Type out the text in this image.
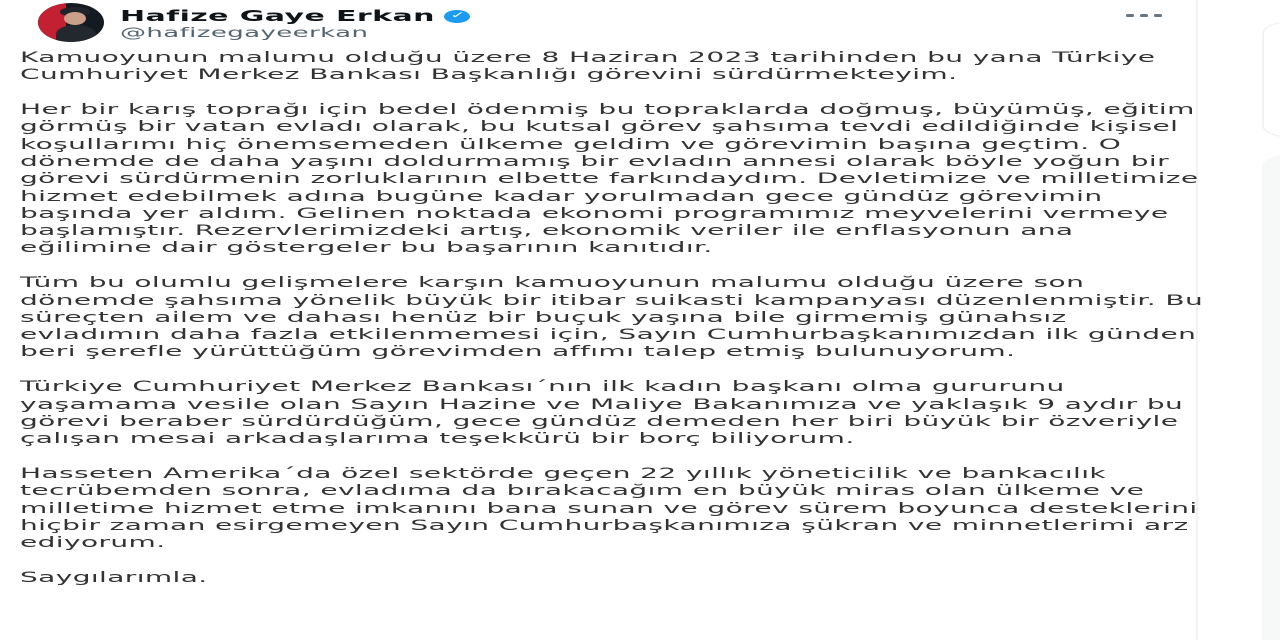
Hafize Gaye Erkan ✓
@hafizegayeerkan

Kamuoyunun malumu olduğu üzere 8 Haziran 2023 tarihinden bu yana Türkiye Cumhuriyet Merkez Bankası Başkanlığı görevini sürdürmekteyim.

Her bir karış toprağı için bedel ödenmiş bu topraklarda doğmuş, büyümüş, eğitim görmüş bir vatan evladı olarak, bu kutsal görev şahsıma tevdi edildiğinde kişisel koşullarımı hiç önemsemeden ülkeme geldim ve görevimin başına geçtim. O dönemde de daha yaşını doldurmamış bir evladın annesi olarak böyle yoğun bir görevi sürdürmenin zorluklarının elbette farkındaydım. Devletimize ve milletimize hizmet edebilmek adına bugüne kadar yorulmadan gece gündüz görevimin başında yer aldım. Gelinen noktada ekonomi programımız meyvelerini vermeye başlamıştır. Rezervlerimizdeki artış, ekonomik veriler ile enflasyonun ana eğilimine dair göstergeler bu başarının kanıtıdır.

Tüm bu olumlu gelişmelere karşın kamuoyunun malumu olduğu üzere son dönemde şahsıma yönelik büyük bir itibar suikasti kampanyası düzenlenmiştir. Bu süreçten ailem ve dahası henüz bir buçuk yaşına bile girmemiş günahsız evladımın daha fazla etkilenmemesi için, Sayın Cumhurbaşkanımızdan ilk günden beri şerefle yürüttüğüm görevimden affımı talep etmiş bulunuyorum.

Türkiye Cumhuriyet Merkez Bankası´nın ilk kadın başkanı olma gururunu yaşamama vesile olan Sayın Hazine ve Maliye Bakanımıza ve yaklaşık 9 aydır bu görevi beraber sürdürdüğüm, gece gündüz demeden her biri büyük bir özveriyle çalışan mesai arkadaşlarıma teşekkürü bir borç biliyorum.

Hasseten Amerika´da özel sektörde geçen 22 yıllık yöneticilik ve bankacılık tecrübemden sonra, evladıma da bırakacağım en büyük miras olan ülkeme ve milletime hizmet etme imkanını bana sunan ve görev sürem boyunca desteklerini hiçbir zaman esirgemeyen Sayın Cumhurbaşkanımıza şükran ve minnetlerimi arz ediyorum.

Saygılarımla.
